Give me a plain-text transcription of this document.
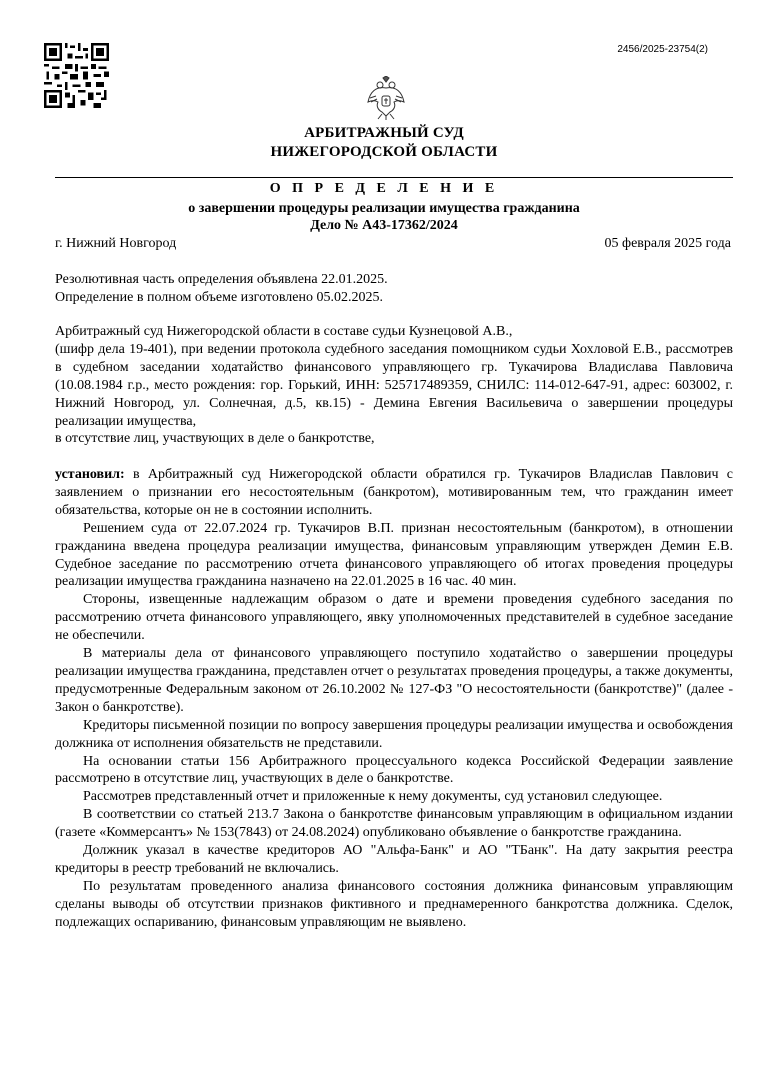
2456/2025-23754(2)
АРБИТРАЖНЫЙ СУД
НИЖЕГОРОДСКОЙ ОБЛАСТИ
О П Р Е Д Е Л Е Н И Е
о завершении процедуры реализации имущества гражданина
Дело № А43-17362/2024
г. Нижний Новгород	05 февраля 2025 года

Резолютивная часть определения объявлена 22.01.2025.

Определение в полном объеме изготовлено 05.02.2025.

Арбитражный суд Нижегородской области в составе судьи Кузнецовой А.В.,

(шифр дела 19-401), при ведении протокола судебного заседания помощником судьи Хохловой Е.В., рассмотрев в судебном заседании ходатайство финансового управляющего гр. Тукачирова Владислава Павловича (10.08.1984 г.р., место рождения: гор. Горький, ИНН: 525717489359, СНИЛС: 114-012-647-91, адрес: 603002, г. Нижний Новгород, ул. Солнечная, д.5, кв.15) - Демина Евгения Васильевича о завершении процедуры реализации имущества,

в отсутствие лиц, участвующих в деле о банкротстве,

установил: в Арбитражный суд Нижегородской области обратился гр. Тукачиров Владислав Павлович с заявлением о признании его несостоятельным (банкротом), мотивированным тем, что гражданин имеет обязательства, которые он не в состоянии исполнить.

Решением суда от 22.07.2024 гр. Тукачиров В.П. признан несостоятельным (банкротом), в отношении гражданина введена процедура реализации имущества, финансовым управляющим утвержден Демин Е.В. Судебное заседание по рассмотрению отчета финансового управляющего об итогах проведения процедуры реализации имущества гражданина назначено на 22.01.2025 в 16 час. 40 мин.

Стороны, извещенные надлежащим образом о дате и времени проведения судебного заседания по рассмотрению отчета финансового управляющего, явку уполномоченных представителей в судебное заседание не обеспечили.

В материалы дела от финансового управляющего поступило ходатайство о завершении процедуры реализации имущества гражданина, представлен отчет о результатах проведения процедуры, а также документы, предусмотренные Федеральным законом от 26.10.2002 № 127-ФЗ "О несостоятельности (банкротстве)" (далее - Закон о банкротстве).

Кредиторы письменной позиции по вопросу завершения процедуры реализации имущества и освобождения должника от исполнения обязательств не представили.

На основании статьи 156 Арбитражного процессуального кодекса Российской Федерации заявление рассмотрено в отсутствие лиц, участвующих в деле о банкротстве.

Рассмотрев представленный отчет и приложенные к нему документы, суд установил следующее.

В соответствии со статьей 213.7 Закона о банкротстве финансовым управляющим в официальном издании (газете «Коммерсантъ» № 153(7843) от 24.08.2024) опубликовано объявление о банкротстве гражданина.

Должник указал в качестве кредиторов АО "Альфа-Банк" и АО "ТБанк". На дату закрытия реестра кредиторы в реестр требований не включались.

По результатам проведенного анализа финансового состояния должника финансовым управляющим сделаны выводы об отсутствии признаков фиктивного и преднамеренного банкротства должника. Сделок, подлежащих оспариванию, финансовым управляющим не выявлено.
